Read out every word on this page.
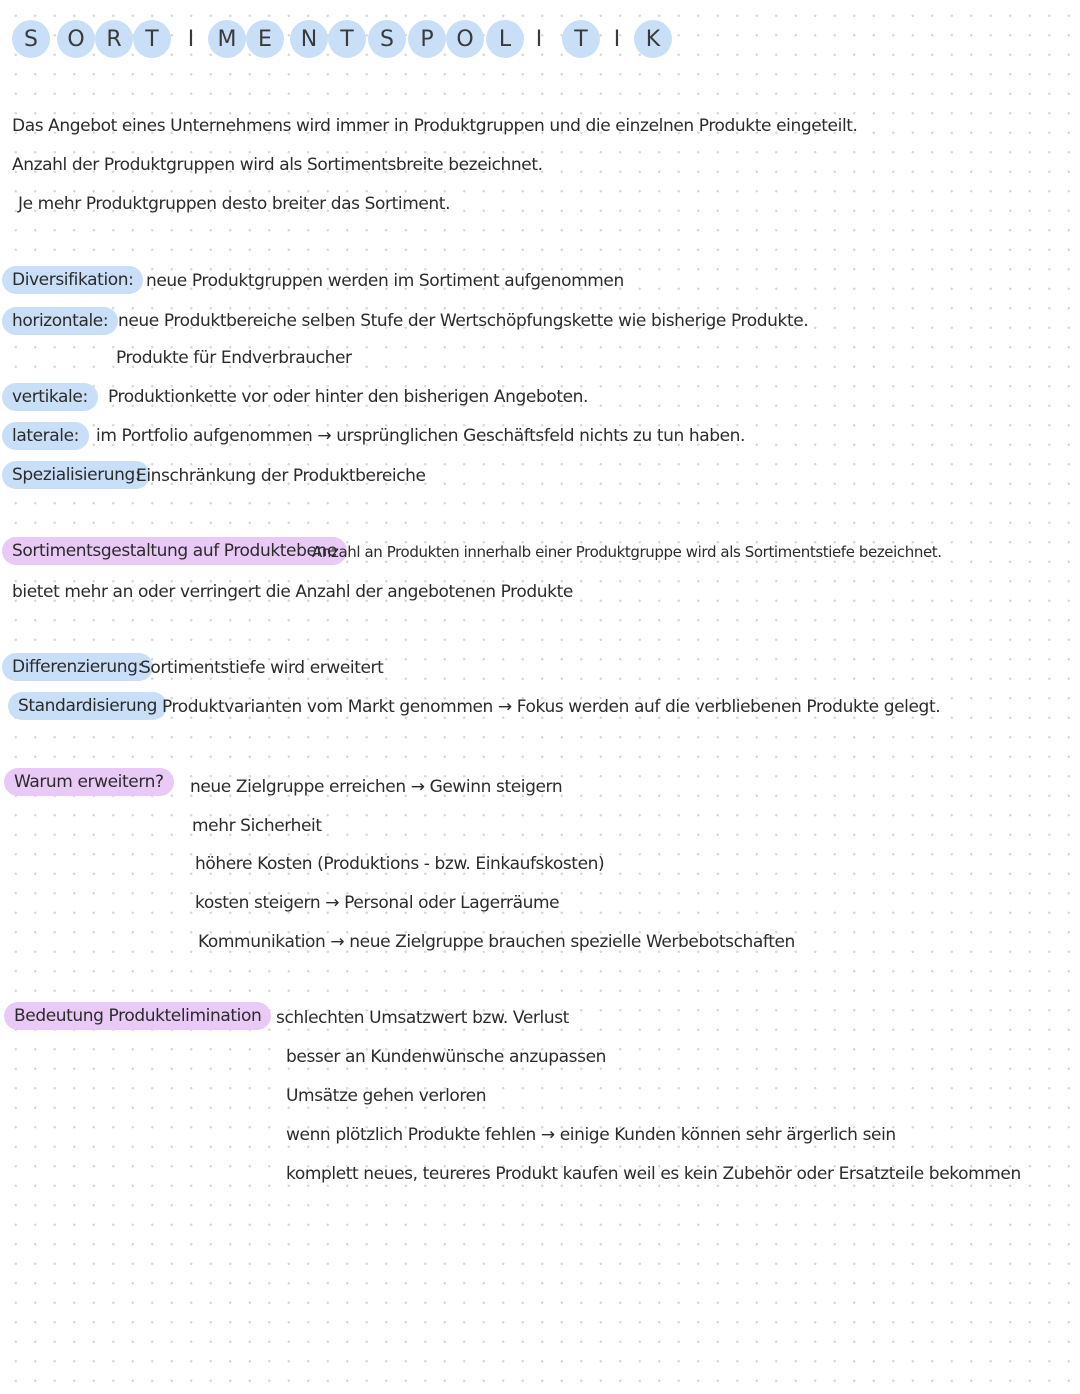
S	O R	T	I	M E	N	T	S	P	O	L	I	T	I	K
Das Angebot eines Unternehmens wird immer in Produktgruppen und die einzelnen Produkte eingeteilt.
Anzahl der Produktgruppen wird als Sortimentsbreite bezeichnet.
Je mehr Produktgruppen desto breiter das Sortiment.
Diversifikation: neue Produktgruppen werden im Sortiment aufgenommen
horizontale: neue Produktbereiche selben Stufe der Wertschöpfungskette wie bisherige Produkte.
Produkte für Endverbraucher
vertikale:	Produktionkette vor oder hinter den bisherigen Angeboten.
laterale:	im Portfolio aufgenommen → ursprünglichen Geschäftsfeld nichts zu tun haben.
Spezialisierung:
Einschränkung der Produktbereiche
Sortimentsgestaltung auf Produktebene
Anzahl an Produkten innerhalb einer Produktgruppe wird als Sortimentstiefe bezeichnet.
bietet mehr an oder verringert die Anzahl der angebotenen Produkte
Differenzierung:
Sortimentstiefe wird erweitert
Standardisierung Produktvarianten vom Markt genommen → Fokus werden auf die verbliebenen Produkte gelegt.
Warum erweitern?	neue Zielgruppe erreichen → Gewinn steigern
mehr Sicherheit
höhere Kosten (Produktions - bzw. Einkaufskosten)
kosten steigern → Personal oder Lagerräume
Kommunikation → neue Zielgruppe brauchen spezielle Werbebotschaften
Bedeutung Produktelimination schlechten Umsatzwert bzw. Verlust
besser an Kundenwünsche anzupassen
Umsätze gehen verloren
wenn plötzlich Produkte fehlen → einige Kunden können sehr ärgerlich sein
komplett neues, teureres Produkt kaufen weil es kein Zubehör oder Ersatzteile bekommen
